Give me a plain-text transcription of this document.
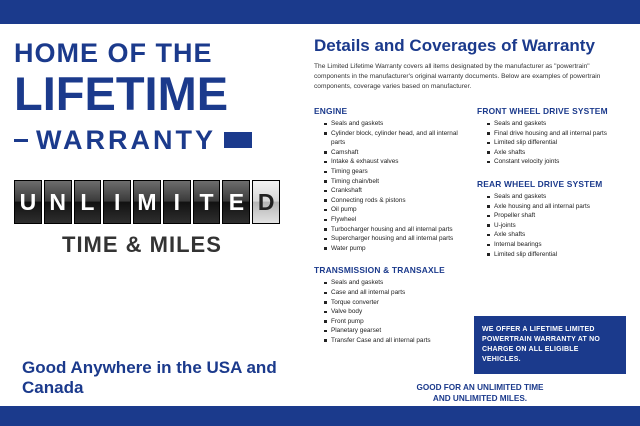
HOME OF THE
LIFETIME
WARRANTY
U N L I M I T E D
TIME & MILES
Good Anywhere in the USA and Canada
Details and Coverages of Warranty
The Limited Lifetime Warranty covers all items designated by the manufacturer as "powertrain" components in the manufacturer's original warranty documents. Below are examples of powertrain components, coverage varies based on manufacturer.
ENGINE
Seals and gaskets
Cylinder block, cylinder head, and all internal parts
Camshaft
Intake & exhaust valves
Timing gears
Timing chain/belt
Crankshaft
Connecting rods & pistons
Oil pump
Flywheel
Turbocharger housing and all internal parts
Supercharger housing and all internal parts
Water pump
TRANSMISSION & TRANSAXLE
Seals and gaskets
Case and all internal parts
Torque converter
Valve body
Front pump
Planetary gearset
Transfer Case and all internal parts
FRONT WHEEL DRIVE SYSTEM
Seals and gaskets
Final drive housing and all internal parts
Limited slip differential
Axle shafts
Constant velocity joints
REAR WHEEL DRIVE SYSTEM
Seals and gaskets
Axle housing and all internal parts
Propeller shaft
U-joints
Axle shafts
Internal bearings
Limited slip differential
WE OFFER A LIFETIME LIMITED POWERTRAIN WARRANTY AT NO CHARGE ON ALL ELIGIBLE VEHICLES.
GOOD FOR AN UNLIMITED TIME
AND UNLIMITED MILES.
